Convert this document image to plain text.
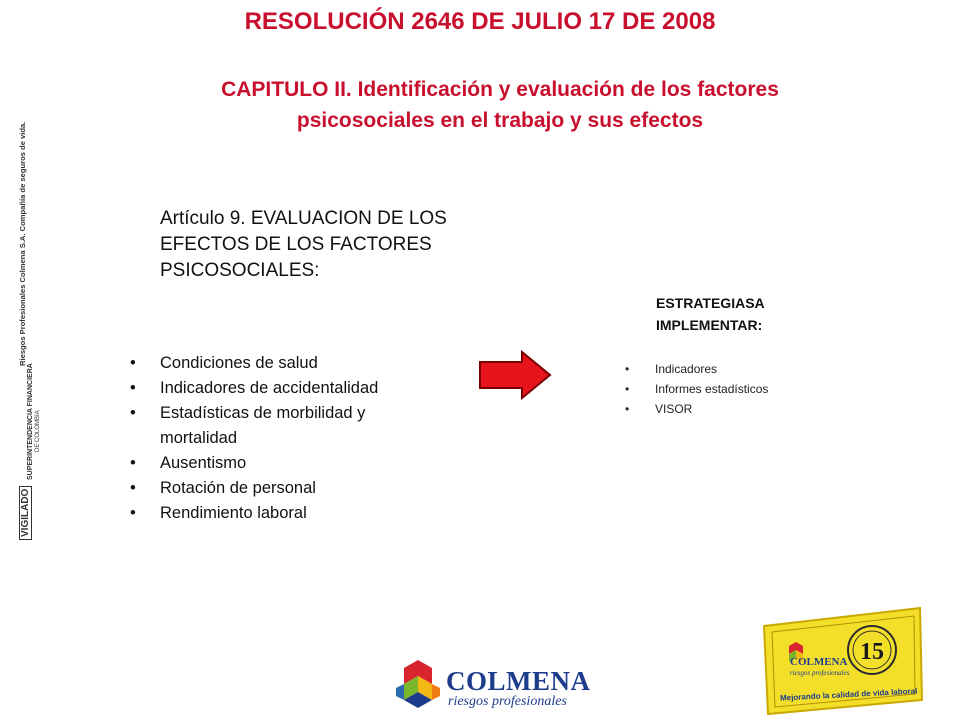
RESOLUCIÓN 2646 DE JULIO 17 DE 2008
CAPITULO II. Identificación y evaluación de los factores psicosociales en el trabajo y sus efectos
Riesgos Profesionales Colmena S.A. Compañía de seguros de vida.
SUPERINTENDENCIA FINANCIERA DE COLOMBIA
VIGILADO
Artículo 9. EVALUACION DE LOS EFECTOS DE LOS FACTORES PSICOSOCIALES:
• Condiciones de salud
• Indicadores de accidentalidad
• Estadísticas de morbilidad y mortalidad
• Ausentismo
• Rotación de personal
• Rendimiento laboral
ESTRATEGIASA IMPLEMENTAR:
• Indicadores
• Informes estadísticos
• VISOR
COLMENA
riesgos profesionales
15
COLMENA
riesgos profesionales
Mejorando la calidad de vida laboral
